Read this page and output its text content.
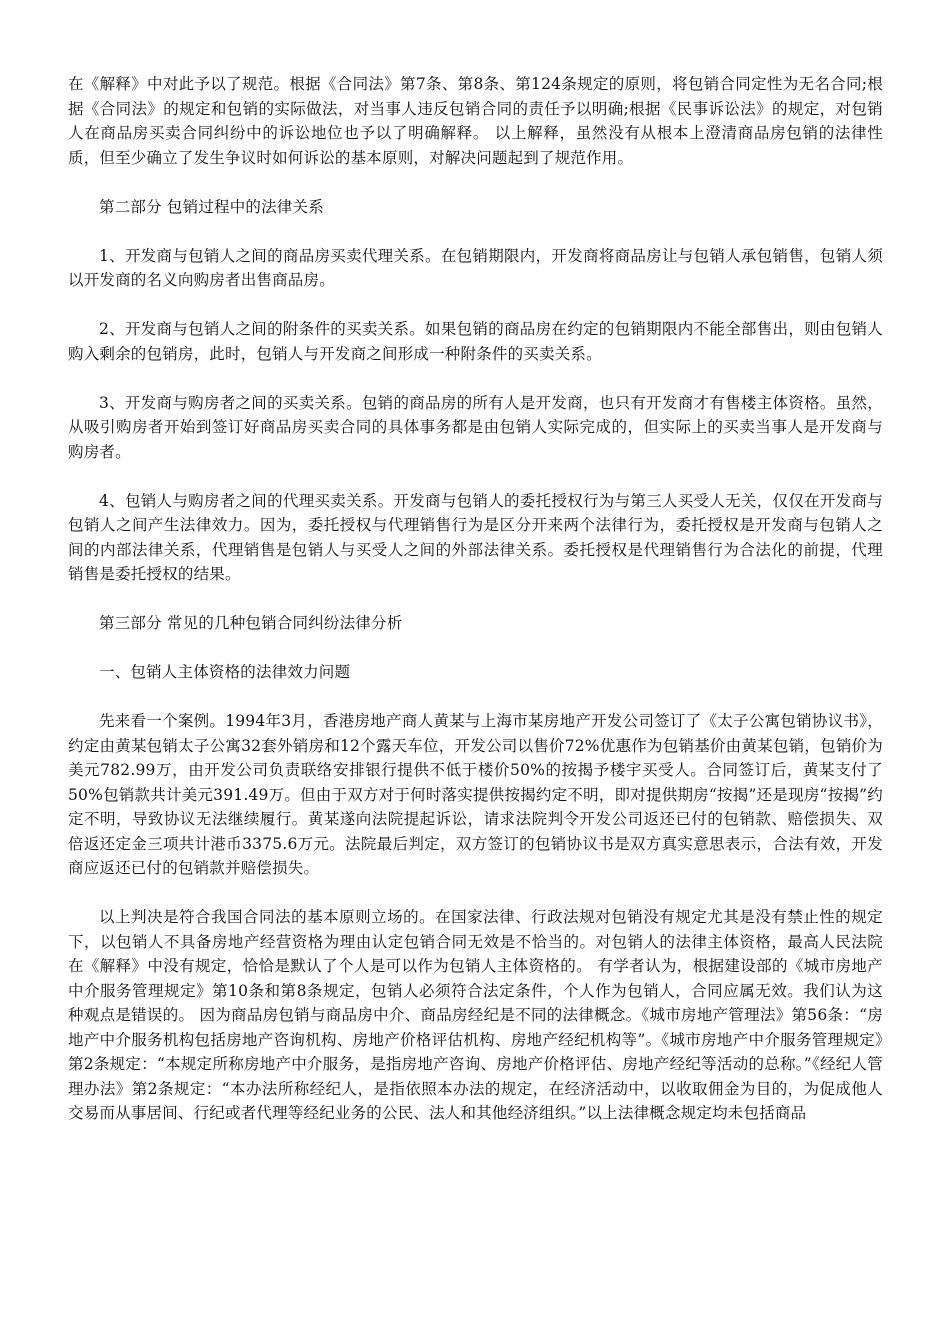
在《解释》中对此予以了规范。根据《合同法》第7条、第8条、第124条规定的原则，将包销合同定性为无名合同;根据《合同法》的规定和包销的实际做法，对当事人违反包销合同的责任予以明确;根据《民事诉讼法》的规定，对包销人在商品房买卖合同纠纷中的诉讼地位也予以了明确解释。 以上解释，虽然没有从根本上澄清商品房包销的法律性质，但至少确立了发生争议时如何诉讼的基本原则，对解决问题起到了规范作用。

第二部分 包销过程中的法律关系

1、开发商与包销人之间的商品房买卖代理关系。在包销期限内，开发商将商品房让与包销人承包销售，包销人须以开发商的名义向购房者出售商品房。

2、开发商与包销人之间的附条件的买卖关系。如果包销的商品房在约定的包销期限内不能全部售出，则由包销人购入剩余的包销房，此时，包销人与开发商之间形成一种附条件的买卖关系。

3、开发商与购房者之间的买卖关系。包销的商品房的所有人是开发商，也只有开发商才有售楼主体资格。虽然，从吸引购房者开始到签订好商品房买卖合同的具体事务都是由包销人实际完成的，但实际上的买卖当事人是开发商与购房者。

4、包销人与购房者之间的代理买卖关系。开发商与包销人的委托授权行为与第三人买受人无关，仅仅在开发商与包销人之间产生法律效力。因为，委托授权与代理销售行为是区分开来两个法律行为，委托授权是开发商与包销人之间的内部法律关系，代理销售是包销人与买受人之间的外部法律关系。委托授权是代理销售行为合法化的前提，代理销售是委托授权的结果。

第三部分 常见的几种包销合同纠纷法律分析

一、包销人主体资格的法律效力问题

先来看一个案例。1994年3月，香港房地产商人黄某与上海市某房地产开发公司签订了《太子公寓包销协议书》，约定由黄某包销太子公寓32套外销房和12个露天车位，开发公司以售价72%优惠作为包销基价由黄某包销，包销价为美元782.99万，由开发公司负责联络安排银行提供不低于楼价50%的按揭予楼宇买受人。合同签订后，黄某支付了50%包销款共计美元391.49万。但由于双方对于何时落实提供按揭约定不明，即对提供期房“按揭”还是现房“按揭”约定不明，导致协议无法继续履行。黄某遂向法院提起诉讼，请求法院判令开发公司返还已付的包销款、赔偿损失、双倍返还定金三项共计港币3375.6万元。法院最后判定，双方签订的包销协议书是双方真实意思表示，合法有效，开发商应返还已付的包销款并赔偿损失。

以上判决是符合我国合同法的基本原则立场的。在国家法律、行政法规对包销没有规定尤其是没有禁止性的规定下，以包销人不具备房地产经营资格为理由认定包销合同无效是不恰当的。对包销人的法律主体资格，最高人民法院在《解释》中没有规定，恰恰是默认了个人是可以作为包销人主体资格的。 有学者认为，根据建设部的《城市房地产中介服务管理规定》第10条和第8条规定，包销人必须符合法定条件，个人作为包销人，合同应属无效。我们认为这种观点是错误的。 因为商品房包销与商品房中介、商品房经纪是不同的法律概念。《城市房地产管理法》第56条：“房地产中介服务机构包括房地产咨询机构、房地产价格评估机构、房地产经纪机构等”。《城市房地产中介服务管理规定》第2条规定：“本规定所称房地产中介服务，是指房地产咨询、房地产价格评估、房地产经纪等活动的总称。”《经纪人管理办法》第2条规定：“本办法所称经纪人，是指依照本办法的规定，在经济活动中，以收取佣金为目的，为促成他人交易而从事居间、行纪或者代理等经纪业务的公民、法人和其他经济组织。”以上法律概念规定均未包括商品
